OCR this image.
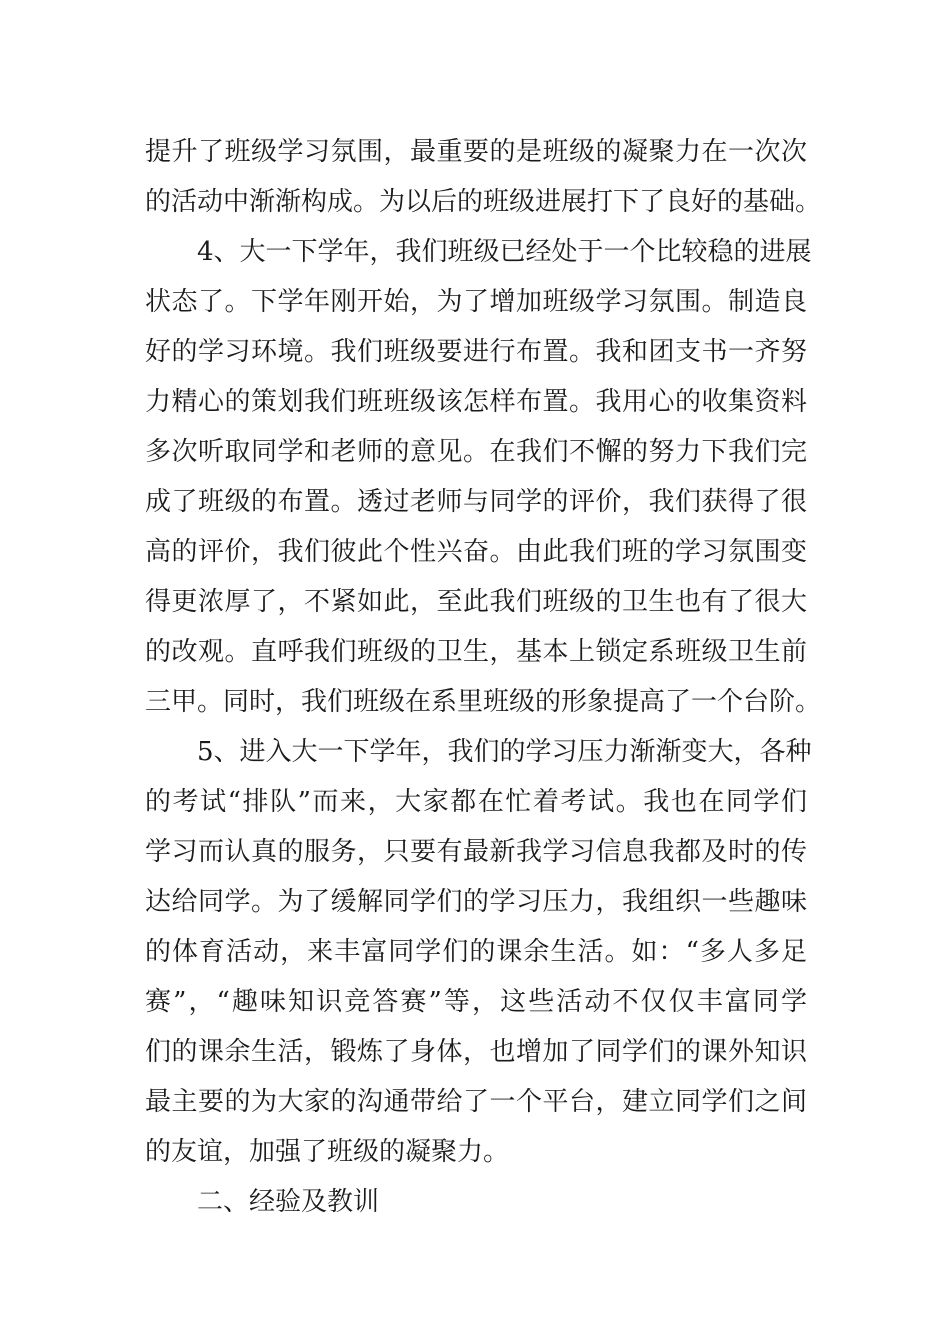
提升了班级学习氛围，最重要的是班级的凝聚力在一次次
的活动中渐渐构成。为以后的班级进展打下了良好的基础。
4、大一下学年，我们班级已经处于一个比较稳的进展
状态了。下学年刚开始，为了增加班级学习氛围。制造良
好的学习环境。我们班级要进行布置。我和团支书一齐努
力精心的策划我们班班级该怎样布置。我用心的收集资料
多次听取同学和老师的意见。在我们不懈的努力下我们完
成了班级的布置。透过老师与同学的评价，我们获得了很
高的评价，我们彼此个性兴奋。由此我们班的学习氛围变
得更浓厚了，不紧如此，至此我们班级的卫生也有了很大
的改观。直呼我们班级的卫生，基本上锁定系班级卫生前
三甲。同时，我们班级在系里班级的形象提高了一个台阶。
5、进入大一下学年，我们的学习压力渐渐变大，各种
的考试“排队”而来，大家都在忙着考试。我也在同学们
学习而认真的服务，只要有最新我学习信息我都及时的传
达给同学。为了缓解同学们的学习压力，我组织一些趣味
的体育活动，来丰富同学们的课余生活。如：“多人多足
赛”，“趣味知识竞答赛”等，这些活动不仅仅丰富同学
们的课余生活，锻炼了身体，也增加了同学们的课外知识
最主要的为大家的沟通带给了一个平台，建立同学们之间
的友谊，加强了班级的凝聚力。
二、经验及教训
